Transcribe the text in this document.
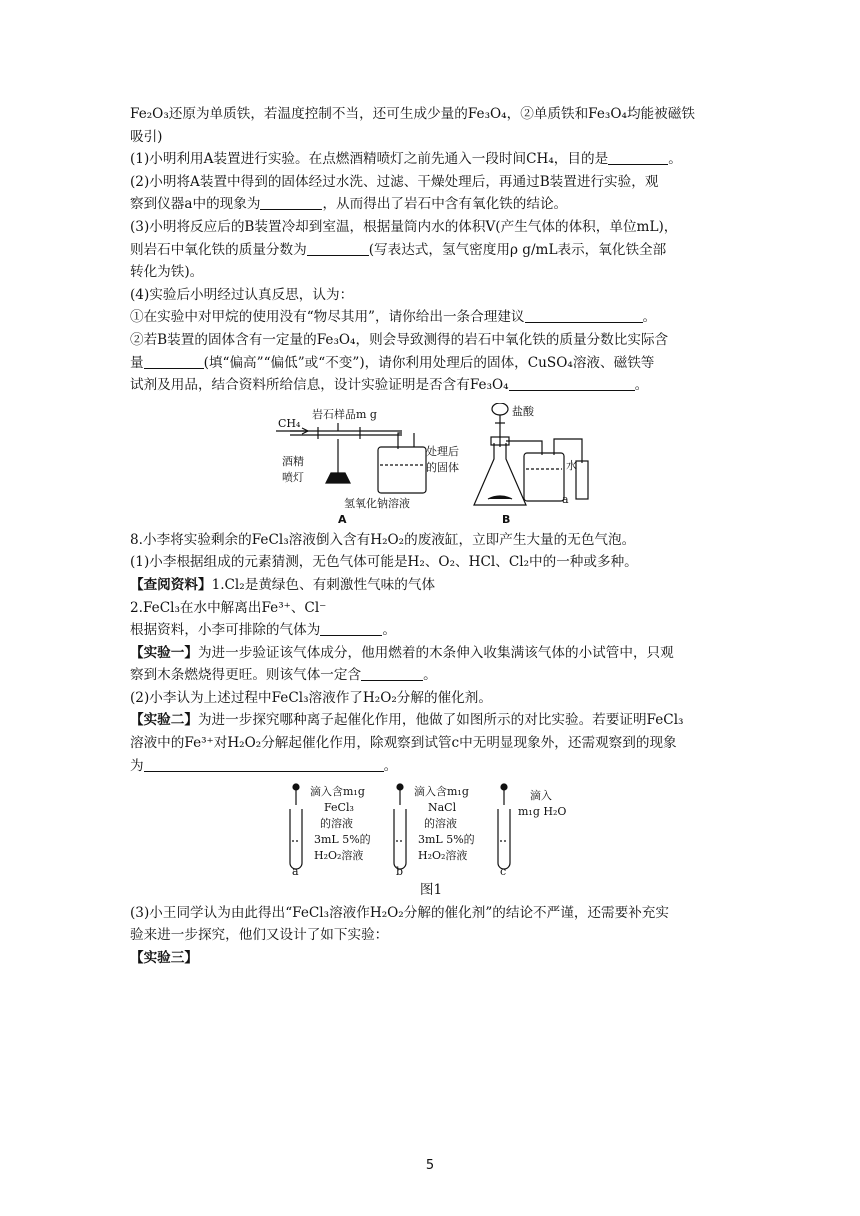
Fe₂O₃还原为单质铁，若温度控制不当，还可生成少量的Fe₃O₄，②单质铁和Fe₃O₄均能被磁铁

吸引)

(1)小明利用A装置进行实验。在点燃酒精喷灯之前先通入一段时间CH₄，目的是	。

(2)小明将A装置中得到的固体经过水洗、过滤、干燥处理后，再通过B装置进行实验，观

察到仪器a中的现象为	，从而得出了岩石中含有氧化铁的结论。

(3)小明将反应后的B装置冷却到室温，根据量筒内水的体积V(产生气体的体积，单位mL)，

则岩石中氧化铁的质量分数为	(写表达式，氢气密度用ρ g/mL表示，氧化铁全部

转化为铁)。

(4)实验后小明经过认真反思，认为：

①在实验中对甲烷的使用没有“物尽其用”，请你给出一条合理建议	。

②若B装置的固体含有一定量的Fe₃O₄，则会导致测得的岩石中氧化铁的质量分数比实际含

量	(填“偏高”“偏低”或“不变”)，请你利用处理后的固体，CuSO₄溶液、磁铁等

试剂及用品，结合资料所给信息，设计实验证明是否含有Fe₃O₄	。

CH₄
岩石样品m g
酒精
喷灯
氢氧化钠溶液
A
盐酸
处理后
的固体	水
a
B

8.小李将实验剩余的FeCl₃溶液倒入含有H₂O₂的废液缸，立即产生大量的无色气泡。

(1)小李根据组成的元素猜测，无色气体可能是H₂、O₂、HCl、Cl₂中的一种或多种。

【查阅资料】1.Cl₂是黄绿色、有刺激性气味的气体

2.FeCl₃在水中解离出Fe³⁺、Cl⁻

根据资料，小李可排除的气体为	。

【实验一】为进一步验证该气体成分，他用燃着的木条伸入收集满该气体的小试管中，只观

察到木条燃烧得更旺。则该气体一定含	。

(2)小李认为上述过程中FeCl₃溶液作了H₂O₂分解的催化剂。

【实验二】为进一步探究哪种离子起催化作用，他做了如图所示的对比实验。若要证明FeCl₃

溶液中的Fe³⁺对H₂O₂分解起催化作用，除观察到试管c中无明显现象外，还需观察到的现象

为	。

滴入含m₁g
FeCl₃
的溶液
3mL 5%的
H₂O₂溶液
a
滴入含m₁g
NaCl
的溶液
3mL 5%的
H₂O₂溶液
b
滴入
m₁g H₂O
c

图1

(3)小王同学认为由此得出“FeCl₃溶液作H₂O₂分解的催化剂”的结论不严谨，还需要补充实

验来进一步探究，他们又设计了如下实验：

【实验三】

5
